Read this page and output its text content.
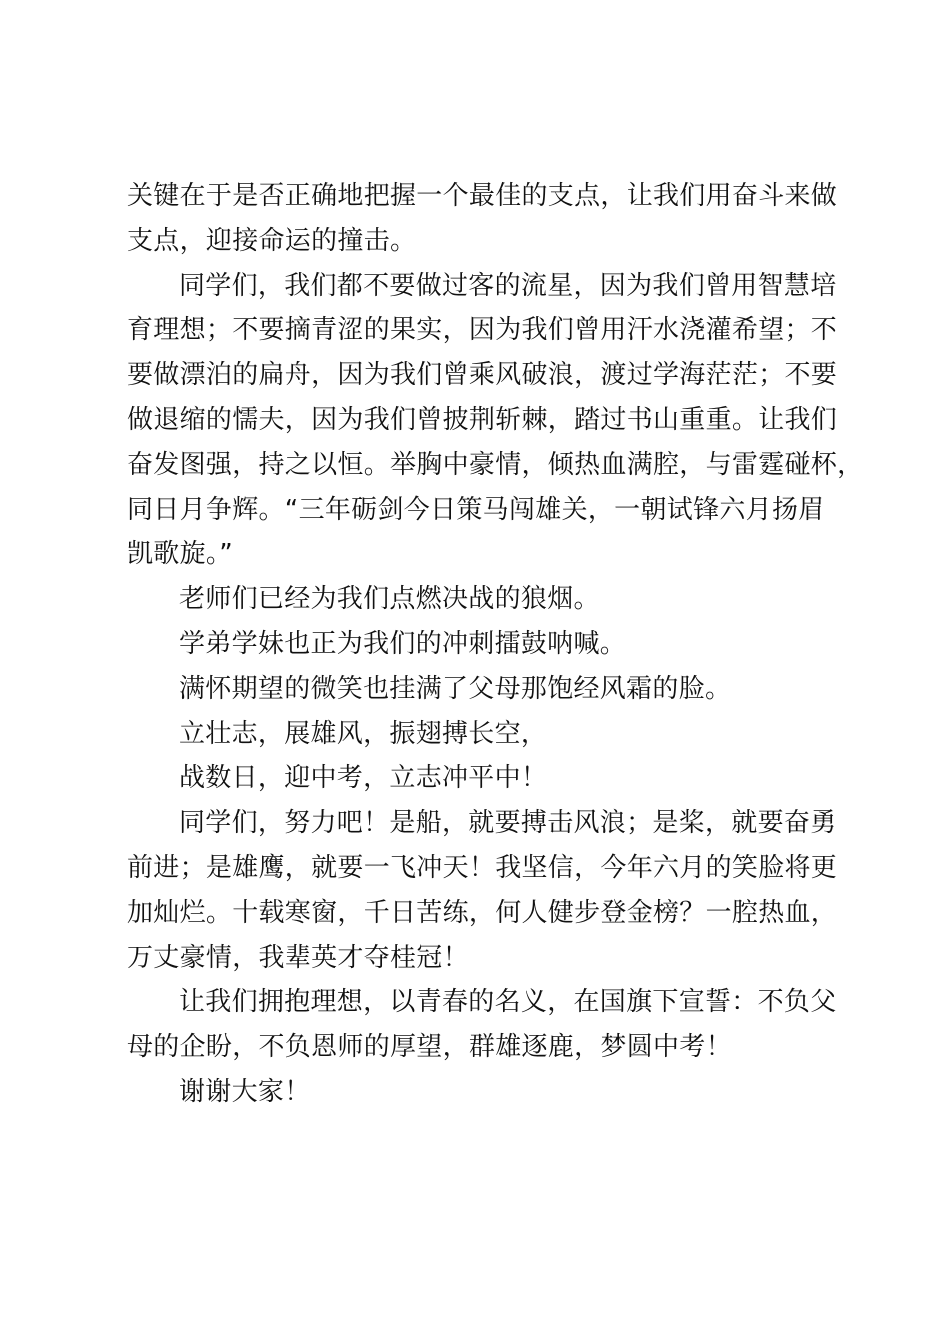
关键在于是否正确地把握一个最佳的支点，让我们用奋斗来做
支点，迎接命运的撞击。
同学们，我们都不要做过客的流星，因为我们曾用智慧培
育理想；不要摘青涩的果实，因为我们曾用汗水浇灌希望；不
要做漂泊的扁舟，因为我们曾乘风破浪，渡过学海茫茫；不要
做退缩的懦夫，因为我们曾披荆斩棘，踏过书山重重。让我们
奋发图强，持之以恒。举胸中豪情，倾热血满腔，与雷霆碰杯，
同日月争辉。“三年砺剑今日策马闯雄关，一朝试锋六月扬眉
凯歌旋。”
老师们已经为我们点燃决战的狼烟。
学弟学妹也正为我们的冲刺擂鼓呐喊。
满怀期望的微笑也挂满了父母那饱经风霜的脸。
立壮志，展雄风，振翅搏长空，
战数日，迎中考，立志冲平中！
同学们，努力吧！是船，就要搏击风浪；是桨，就要奋勇
前进；是雄鹰，就要一飞冲天！我坚信，今年六月的笑脸将更
加灿烂。十载寒窗，千日苦练，何人健步登金榜？一腔热血，
万丈豪情，我辈英才夺桂冠！
让我们拥抱理想，以青春的名义，在国旗下宣誓：不负父
母的企盼，不负恩师的厚望，群雄逐鹿，梦圆中考！
谢谢大家！
